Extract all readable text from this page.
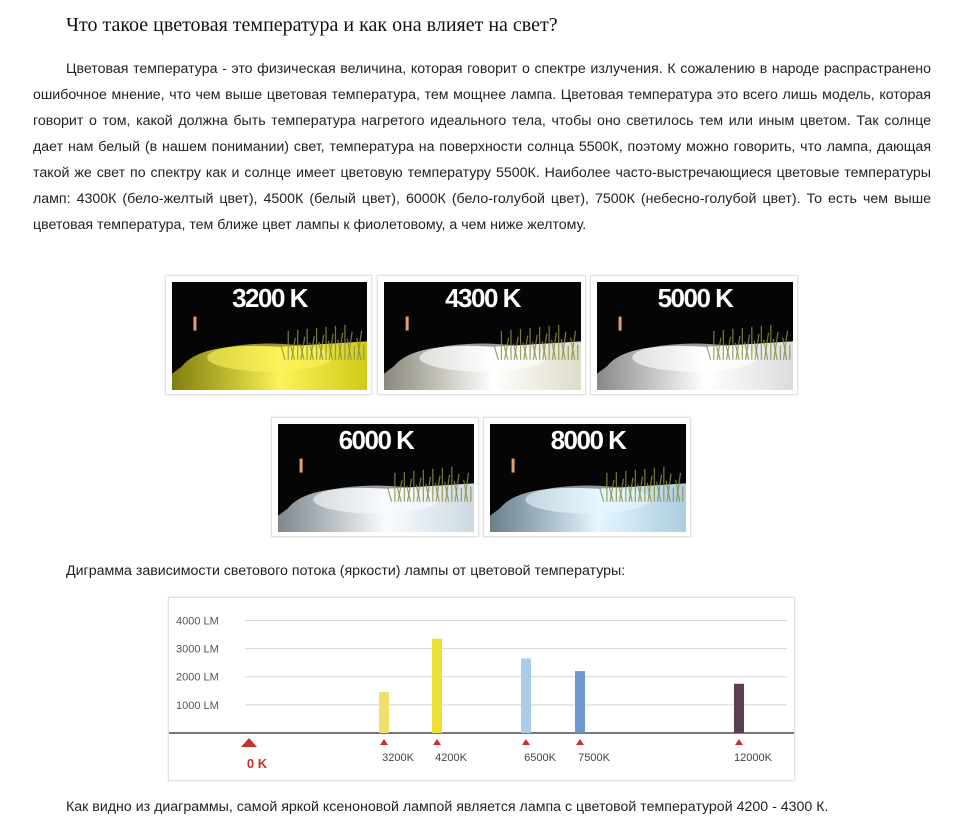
Что такое цветовая температура и как она влияет на свет?
Цветовая температура - это физическая величина, которая говорит о спектре излучения. К сожалению в народе распрастранено ошибочное мнение, что чем выше цветовая температура, тем мощнее лампа. Цветовая температура это всего лишь модель, которая говорит о том, какой должна быть температура нагретого идеального тела, чтобы оно светилось тем или иным цветом. Так солнце дает нам белый (в нашем понимании) свет, температура на поверхности солнца 5500К, поэтому можно говорить, что лампа, дающая такой же свет по спектру как и солнце имеет цветовую температуру 5500К. Наиболее часто-выстречающиеся цветовые температуры ламп: 4300К (бело-желтый цвет), 4500К (белый цвет), 6000К (бело-голубой цвет), 7500К (небесно-голубой цвет). То есть чем выше цветовая температура, тем ближе цвет лампы к фиолетовому, а чем ниже желтому.
3200 K	4300 K	5000 K
6000 K	8000 K
Диграмма зависимости светового потока (яркости) лампы от цветовой температуры:
4000 LM
3000 LM
2000 LM
1000 LM
0 K	3200K 4200K	6500K 7500K	12000K
Как видно из диаграммы, самой яркой ксеноновой лампой является лампа с цветовой температурой 4200 - 4300 К.
